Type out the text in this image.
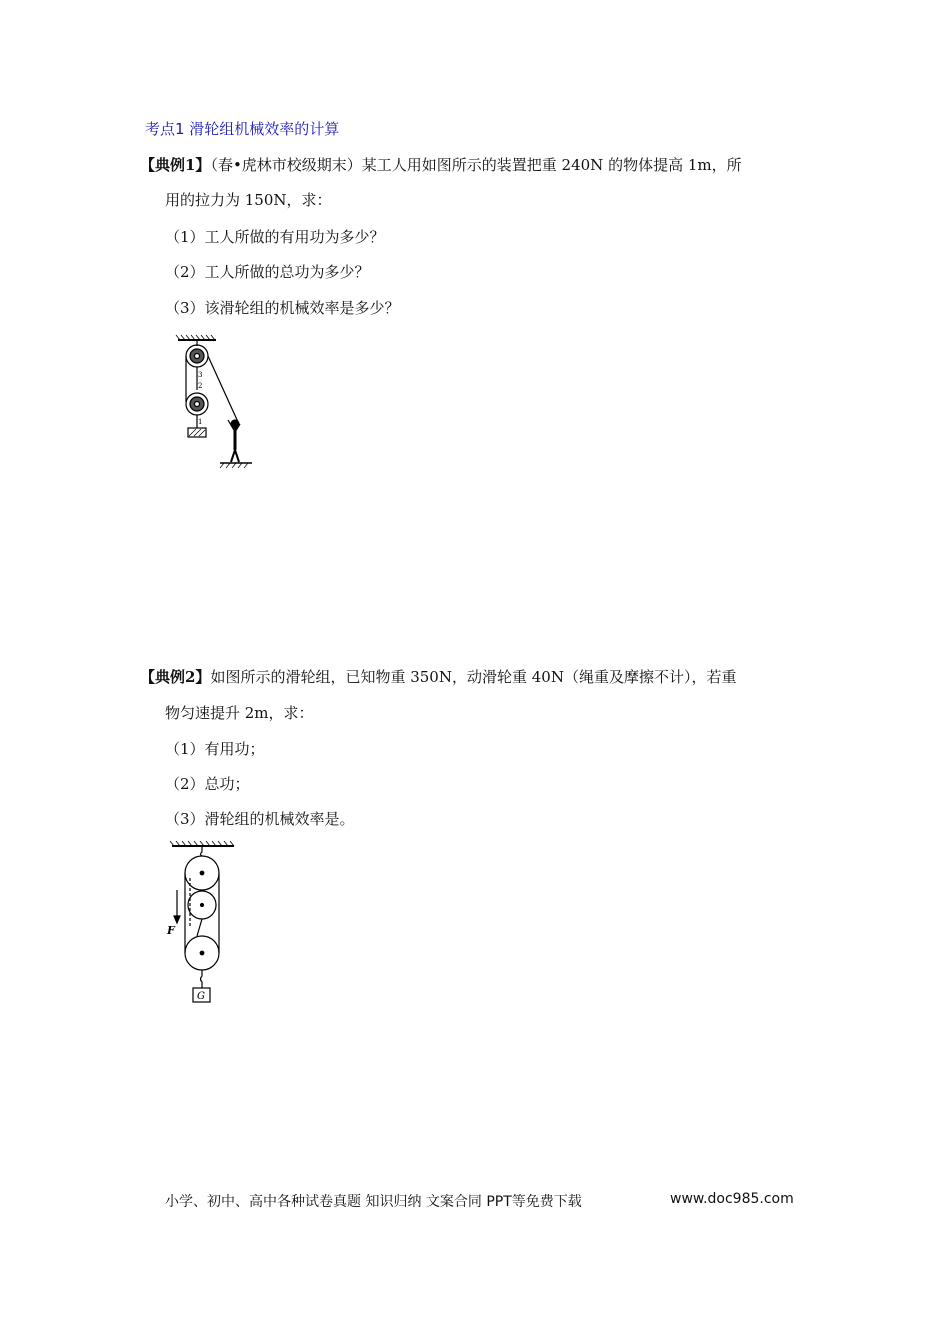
考点1 滑轮组机械效率的计算
【典例1】（春•虎林市校级期末）某工人用如图所示的装置把重 240N 的物体提高 1m，所
用的拉力为 150N，求：
（1）工人所做的有用功为多少？
（2）工人所做的总功为多少？
（3）该滑轮组的机械效率是多少？
3
2
1
【典例2】如图所示的滑轮组，已知物重 350N，动滑轮重 40N（绳重及摩擦不计），若重
物匀速提升 2m，求：
（1）有用功；
（2）总功；
（3）滑轮组的机械效率是。
F
G
小学、初中、高中各种试卷真题 知识归纳 文案合同 PPT等免费下载	www.doc985.com
